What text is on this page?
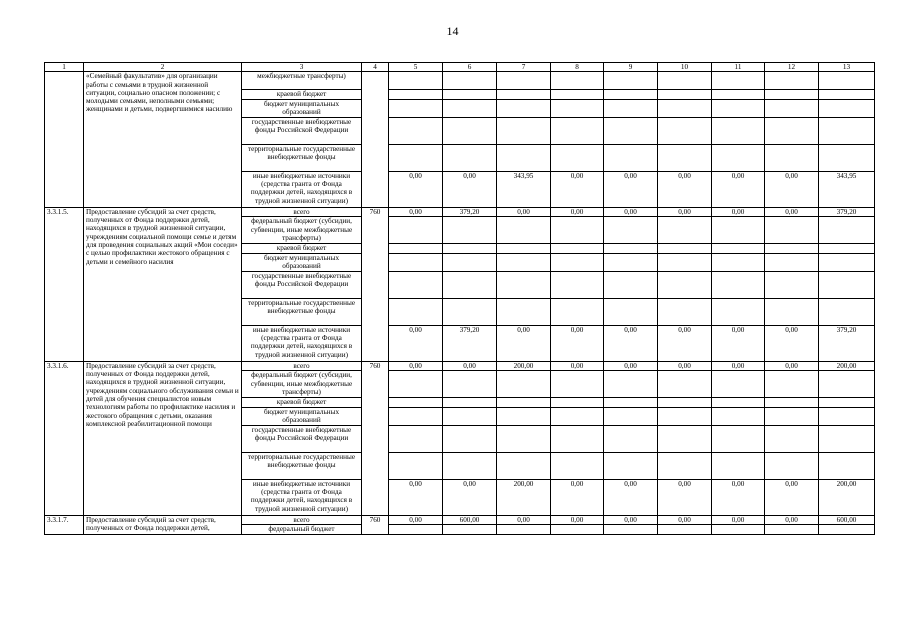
14
1	2	3	4	5	6	7	8	9	10	11	12	13
	«Семейный факультатив» для организации работы с семьями в трудной жизненной ситуации, социально опасном положении; с молодыми семьями, неполными семьями; женщинами и детьми, подвергшимися насилию	межбюджетные трансферты)										
		краевой бюджет										
		бюджет муниципальных образований										
		государственные внебюджетные фонды Российской Федерации										
		территориальные государственные внебюджетные фонды										
		иные внебюджетные источники (средства гранта от Фонда поддержки детей, находящихся в трудной жизненной ситуации)		0,00	0,00	343,95	0,00	0,00	0,00	0,00	0,00	343,95
3.3.1.5.	Предоставление субсидий за счет средств, полученных от Фонда поддержки детей, находящихся в трудной жизненной ситуации, учреждениям социальной помощи семье и детям для проведения социальных акций «Мои соседи» с целью профилактики жестокого обращения с детьми и семейного насилия	всего	760	0,00	379,20	0,00	0,00	0,00	0,00	0,00	0,00	379,20
		федеральный бюджет (субсидии, субвенции, иные межбюджетные трансферты)										
		краевой бюджет										
		бюджет муниципальных образований										
		государственные внебюджетные фонды Российской Федерации										
		территориальные государственные внебюджетные фонды										
		иные внебюджетные источники (средства гранта от Фонда поддержки детей, находящихся в трудной жизненной ситуации)		0,00	379,20	0,00	0,00	0,00	0,00	0,00	0,00	379,20
3.3.1.6.	Предоставление субсидий за счет средств, полученных от Фонда поддержки детей, находящихся в трудной жизненной ситуации, учреждениям социального обслуживания семьи и детей для обучения специалистов новым технологиям работы по профилактике насилия и жестокого обращения с детьми, оказания комплексной реабилитационной помощи	всего	760	0,00	0,00	200,00	0,00	0,00	0,00	0,00	0,00	200,00
		федеральный бюджет (субсидии, субвенции, иные межбюджетные трансферты)										
		краевой бюджет										
		бюджет муниципальных образований										
		государственные внебюджетные фонды Российской Федерации										
		территориальные государственные внебюджетные фонды										
		иные внебюджетные источники (средства гранта от Фонда поддержки детей, находящихся в трудной жизненной ситуации)		0,00	0,00	200,00	0,00	0,00	0,00	0,00	0,00	200,00
3.3.1.7.	Предоставление субсидий за счет средств, полученных от Фонда поддержки детей,	всего	760	0,00	600,00	0,00	0,00	0,00	0,00	0,00	0,00	600,00
		федеральный бюджет										
